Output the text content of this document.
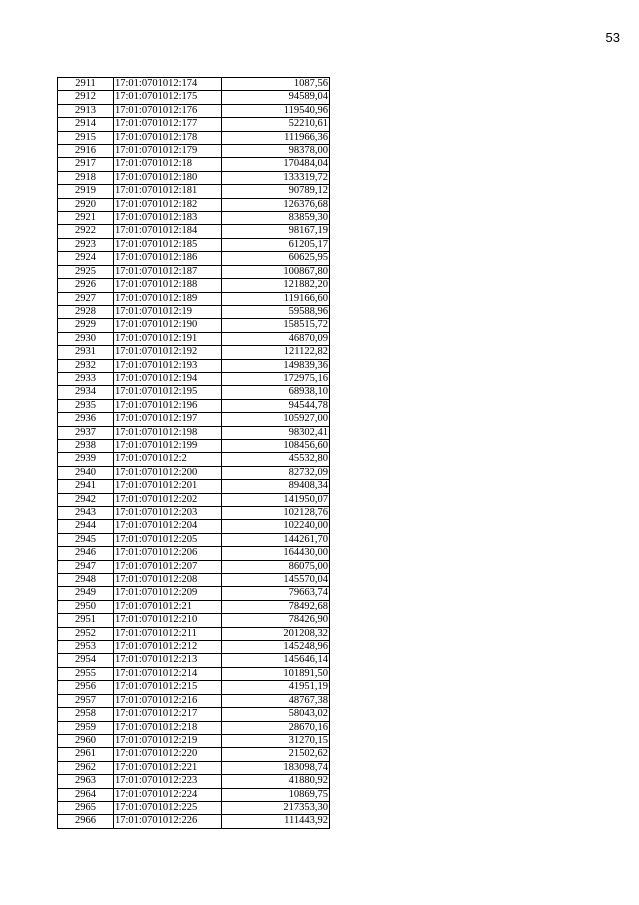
53
2911	17:01:0701012:174	1087,56
2912	17:01:0701012:175	94589,04
2913	17:01:0701012:176	119540,96
2914	17:01:0701012:177	52210,61
2915	17:01:0701012:178	111966,36
2916	17:01:0701012:179	98378,00
2917	17:01:0701012:18	170484,04
2918	17:01:0701012:180	133319,72
2919	17:01:0701012:181	90789,12
2920	17:01:0701012:182	126376,68
2921	17:01:0701012:183	83859,30
2922	17:01:0701012:184	98167,19
2923	17:01:0701012:185	61205,17
2924	17:01:0701012:186	60625,95
2925	17:01:0701012:187	100867,80
2926	17:01:0701012:188	121882,20
2927	17:01:0701012:189	119166,60
2928	17:01:0701012:19	59588,96
2929	17:01:0701012:190	158515,72
2930	17:01:0701012:191	46870,09
2931	17:01:0701012:192	121122,82
2932	17:01:0701012:193	149839,36
2933	17:01:0701012:194	172975,16
2934	17:01:0701012:195	68938,10
2935	17:01:0701012:196	94544,78
2936	17:01:0701012:197	105927,00
2937	17:01:0701012:198	98302,41
2938	17:01:0701012:199	108456,60
2939	17:01:0701012:2	45532,80
2940	17:01:0701012:200	82732,09
2941	17:01:0701012:201	89408,34
2942	17:01:0701012:202	141950,07
2943	17:01:0701012:203	102128,76
2944	17:01:0701012:204	102240,00
2945	17:01:0701012:205	144261,70
2946	17:01:0701012:206	164430,00
2947	17:01:0701012:207	86075,00
2948	17:01:0701012:208	145570,04
2949	17:01:0701012:209	79663,74
2950	17:01:0701012:21	78492,68
2951	17:01:0701012:210	78426,90
2952	17:01:0701012:211	201208,32
2953	17:01:0701012:212	145248,96
2954	17:01:0701012:213	145646,14
2955	17:01:0701012:214	101891,50
2956	17:01:0701012:215	41951,19
2957	17:01:0701012:216	48767,38
2958	17:01:0701012:217	58043,02
2959	17:01:0701012:218	28670,16
2960	17:01:0701012:219	31270,15
2961	17:01:0701012:220	21502,62
2962	17:01:0701012:221	183098,74
2963	17:01:0701012:223	41880,92
2964	17:01:0701012:224	10869,75
2965	17:01:0701012:225	217353,30
2966	17:01:0701012:226	111443,92
